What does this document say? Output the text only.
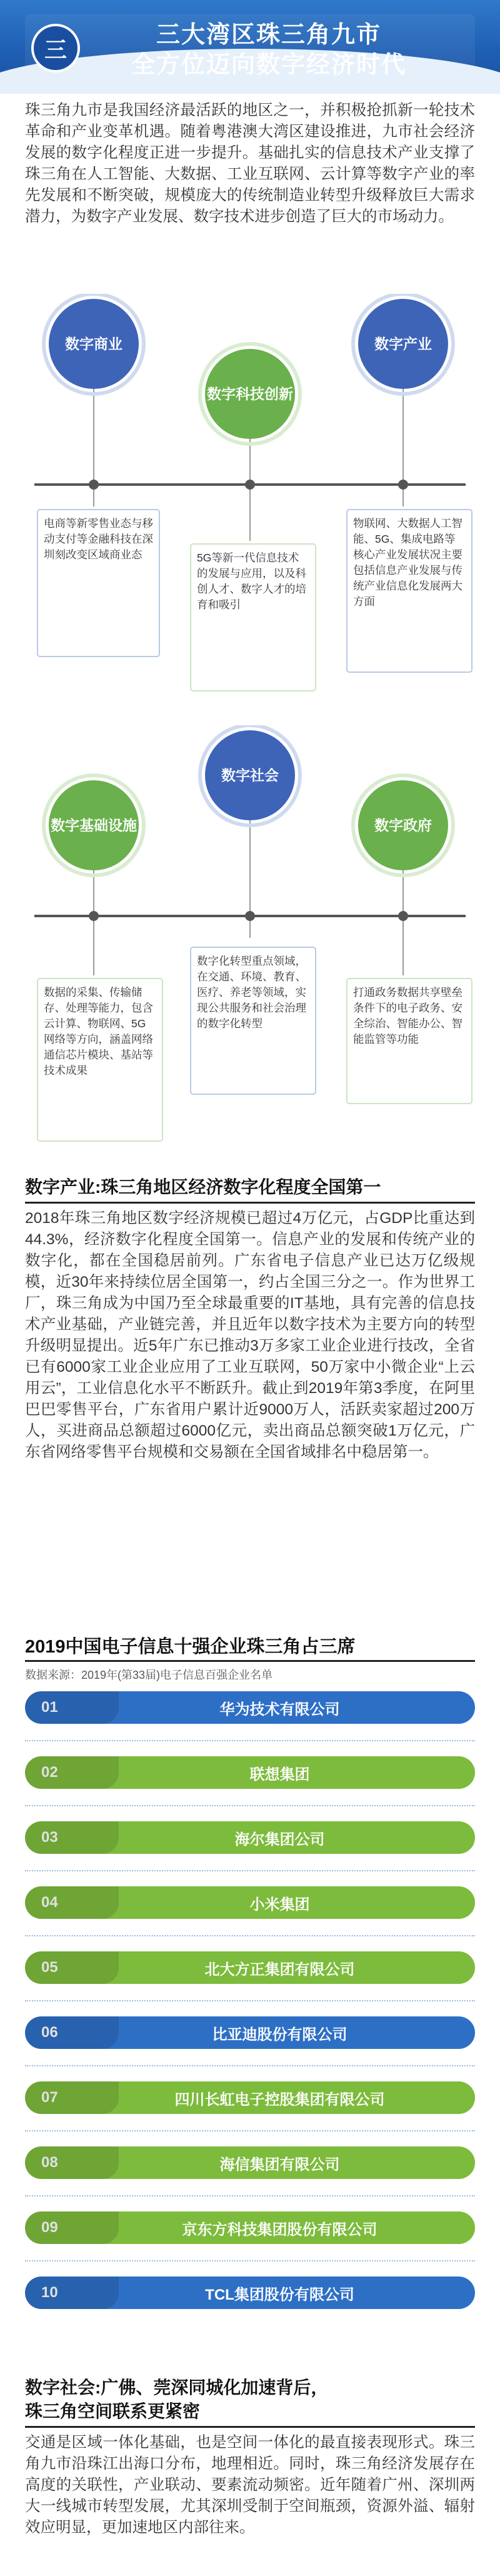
三
三大湾区珠三角九市
全方位迈向数字经济时代
珠三角九市是我国经济最活跃的地区之一，并积极抢抓新一轮技术革命和产业变革机遇。随着粤港澳大湾区建设推进，九市社会经济发展的数字化程度正进一步提升。基础扎实的信息技术产业支撑了珠三角在人工智能、大数据、工业互联网、云计算等数字产业的率先发展和不断突破，规模庞大的传统制造业转型升级释放巨大需求潜力，为数字产业发展、数字技术进步创造了巨大的市场动力。
数字商业
数字科技创新
数字产业
电商等新零售业态与移动支付等金融科技在深圳刻改变区域商业态	5G等新一代信息技术的发展与应用，以及科创人才、数字人才的培育和吸引
物联网、大数据人工智能、5G、集成电路等核心产业发展状况主要包括信息产业发展与传统产业信息化发展两大方面
数字基础设施
数字社会
数字政府
数据的采集、传输储存、处理等能力，包含云计算、物联网、5G网络等方向，涵盖网络通信芯片模块、基站等技术成果
数字化转型重点领域，在交通、环境、教育、医疗、养老等领域，实现公共服务和社会治理的数字化转型
打通政务数据共享壁垒条件下的电子政务、安全综治、智能办公、智能监管等功能
数字产业:珠三角地区经济数字化程度全国第一
2018年珠三角地区数字经济规模已超过4万亿元，占GDP比重达到44.3%，经济数字化程度全国第一。信息产业的发展和传统产业的数字化，都在全国稳居前列。广东省电子信息产业已达万亿级规模，近30年来持续位居全国第一，约占全国三分之一。作为世界工厂，珠三角成为中国乃至全球最重要的IT基地，具有完善的信息技术产业基础，产业链完善，并且近年以数字技术为主要方向的转型升级明显提出。近5年广东已推动3万多家工业企业进行技改，全省已有6000家工业企业应用了工业互联网，50万家中小微企业“上云用云”，工业信息化水平不断跃升。截止到2019年第3季度，在阿里巴巴零售平台，广东省用户累计近9000万人，活跃卖家超过200万人，买进商品总额超过6000亿元，卖出商品总额突破1万亿元，广东省网络零售平台规模和交易额在全国省域排名中稳居第一。
2019中国电子信息十强企业珠三角占三席
数据来源：2019年(第33届)电子信息百强企业名单
华为技术有限公司
01
联想集团
02
海尔集团公司
03
小米集团
04
北大方正集团有限公司
05
比亚迪股份有限公司
06
四川长虹电子控股集团有限公司
07
海信集团有限公司
08
京东方科技集团股份有限公司
09
TCL集团股份有限公司
10
数字社会:广佛、莞深同城化加速背后，
珠三角空间联系更紧密
交通是区域一体化基础，也是空间一体化的最直接表现形式。珠三角九市沿珠江出海口分布，地理相近。同时，珠三角经济发展存在高度的关联性，产业联动、要素流动频密。近年随着广州、深圳两大一线城市转型发展，尤其深圳受制于空间瓶颈，资源外溢、辐射效应明显，更加速地区内部往来。
